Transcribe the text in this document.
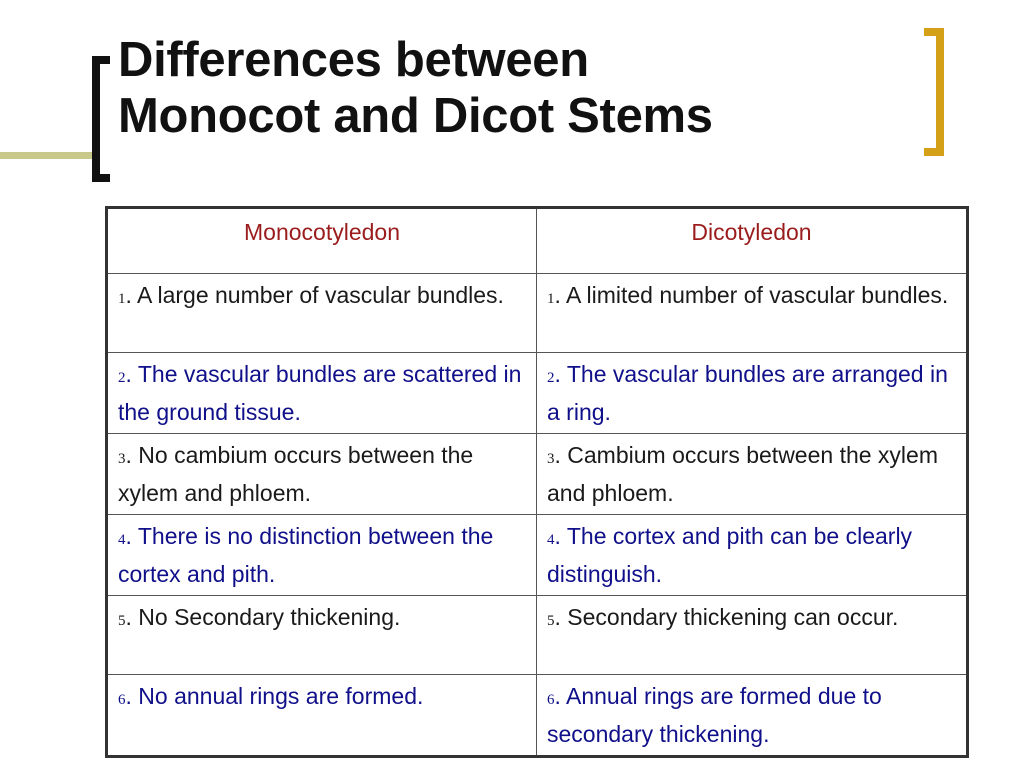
Differences between
Monocot and Dicot Stems
Monocotyledon	Dicotyledon
1. A large number of vascular bundles.	1. A limited number of vascular bundles.
2. The vascular bundles are scattered in the ground tissue.	2. The vascular bundles are arranged in a ring.
3. No cambium occurs between the xylem and phloem.	3. Cambium occurs between the xylem and phloem.
4. There is no distinction between the cortex and pith.	4. The cortex and pith can be clearly distinguish.
5. No Secondary thickening.	5. Secondary thickening can occur.
6. No annual rings are formed.	6. Annual rings are formed due to secondary thickening.
